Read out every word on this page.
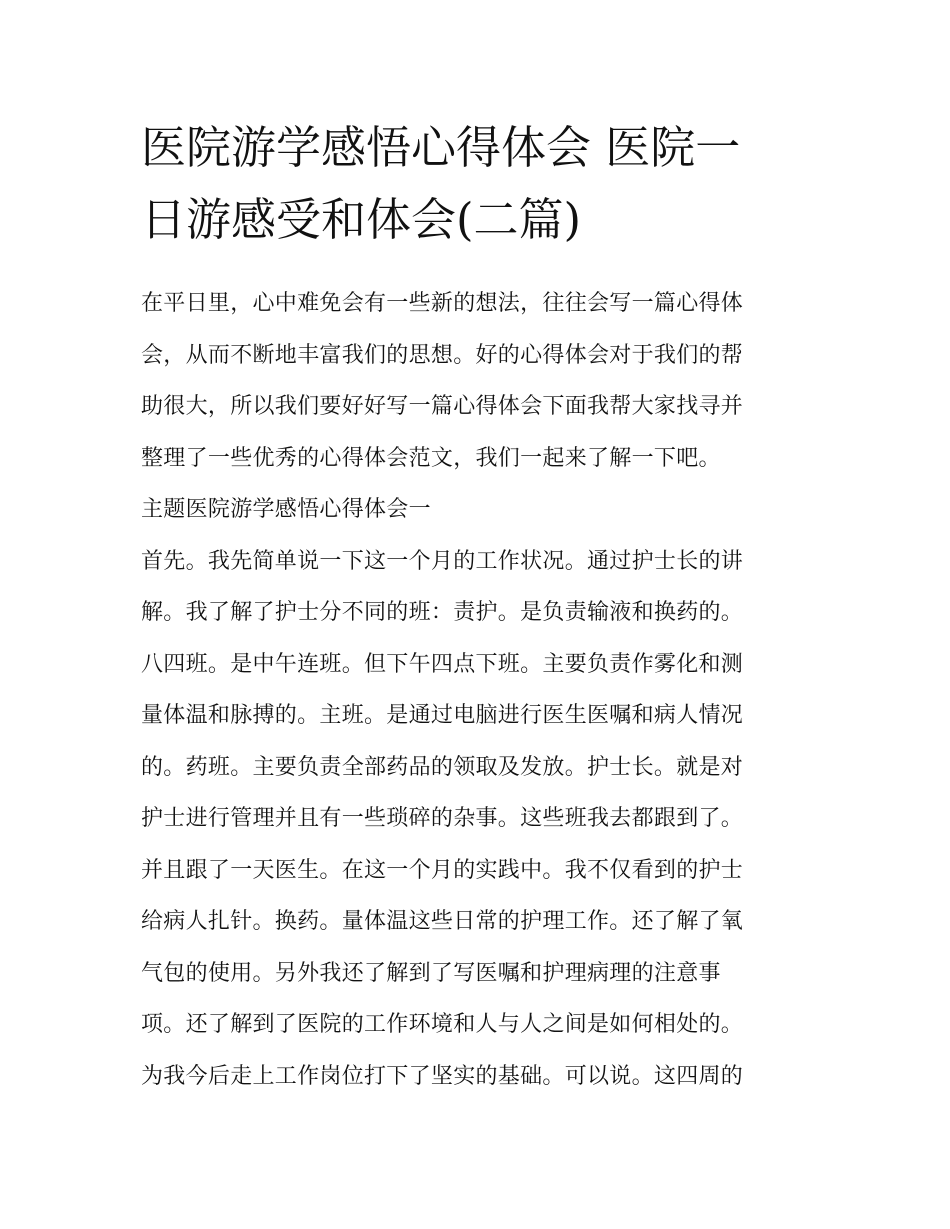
医院游学感悟心得体会 医院一
日游感受和体会(二篇)
在平日里，心中难免会有一些新的想法，往往会写一篇心得体
会，从而不断地丰富我们的思想。好的心得体会对于我们的帮
助很大，所以我们要好好写一篇心得体会下面我帮大家找寻并
整理了一些优秀的心得体会范文，我们一起来了解一下吧。
主题医院游学感悟心得体会一
首先。我先简单说一下这一个月的工作状况。通过护士长的讲
解。我了解了护士分不同的班：责护。是负责输液和换药的。
八四班。是中午连班。但下午四点下班。主要负责作雾化和测
量体温和脉搏的。主班。是通过电脑进行医生医嘱和病人情况
的。药班。主要负责全部药品的领取及发放。护士长。就是对
护士进行管理并且有一些琐碎的杂事。这些班我去都跟到了。
并且跟了一天医生。在这一个月的实践中。我不仅看到的护士
给病人扎针。换药。量体温这些日常的护理工作。还了解了氧
气包的使用。另外我还了解到了写医嘱和护理病理的注意事
项。还了解到了医院的工作环境和人与人之间是如何相处的。
为我今后走上工作岗位打下了坚实的基础。可以说。这四周的
